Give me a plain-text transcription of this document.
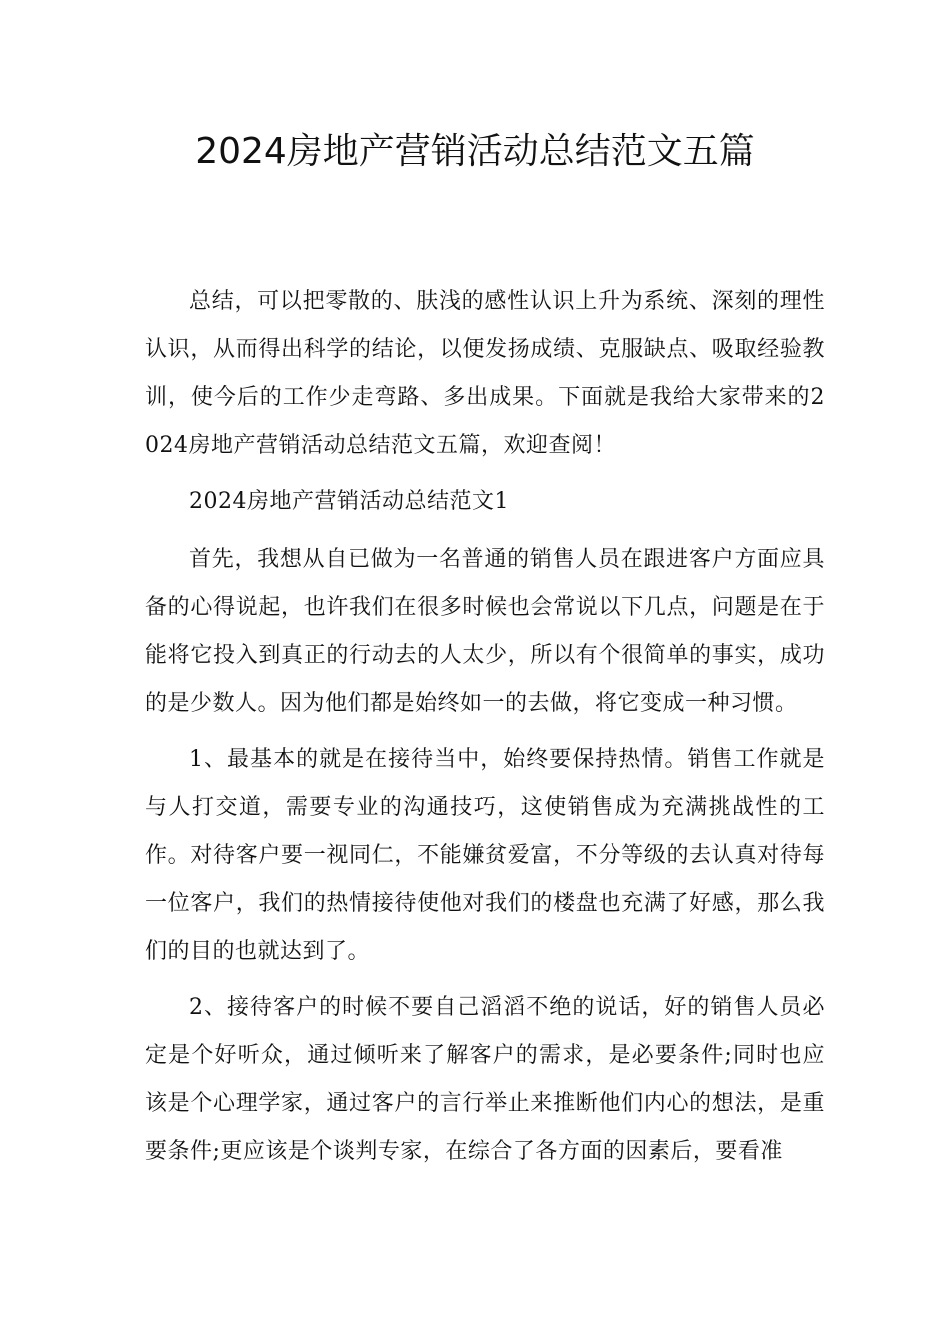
2024房地产营销活动总结范文五篇

总结，可以把零散的、肤浅的感性认识上升为系统、深刻的理性认识，从而得出科学的结论，以便发扬成绩、克服缺点、吸取经验教训，使今后的工作少走弯路、多出成果。下面就是我给大家带来的2024房地产营销活动总结范文五篇，欢迎查阅！

2024房地产营销活动总结范文1

首先，我想从自已做为一名普通的销售人员在跟进客户方面应具备的心得说起，也许我们在很多时候也会常说以下几点，问题是在于能将它投入到真正的行动去的人太少，所以有个很简单的事实，成功的是少数人。因为他们都是始终如一的去做，将它变成一种习惯。

1、最基本的就是在接待当中，始终要保持热情。销售工作就是与人打交道，需要专业的沟通技巧，这使销售成为充满挑战性的工作。对待客户要一视同仁，不能嫌贫爱富，不分等级的去认真对待每一位客户，我们的热情接待使他对我们的楼盘也充满了好感，那么我们的目的也就达到了。

2、接待客户的时候不要自己滔滔不绝的说话，好的销售人员必定是个好听众，通过倾听来了解客户的需求，是必要条件;同时也应该是个心理学家，通过客户的言行举止来推断他们内心的想法，是重要条件;更应该是个谈判专家，在综合了各方面的因素后，要看准
